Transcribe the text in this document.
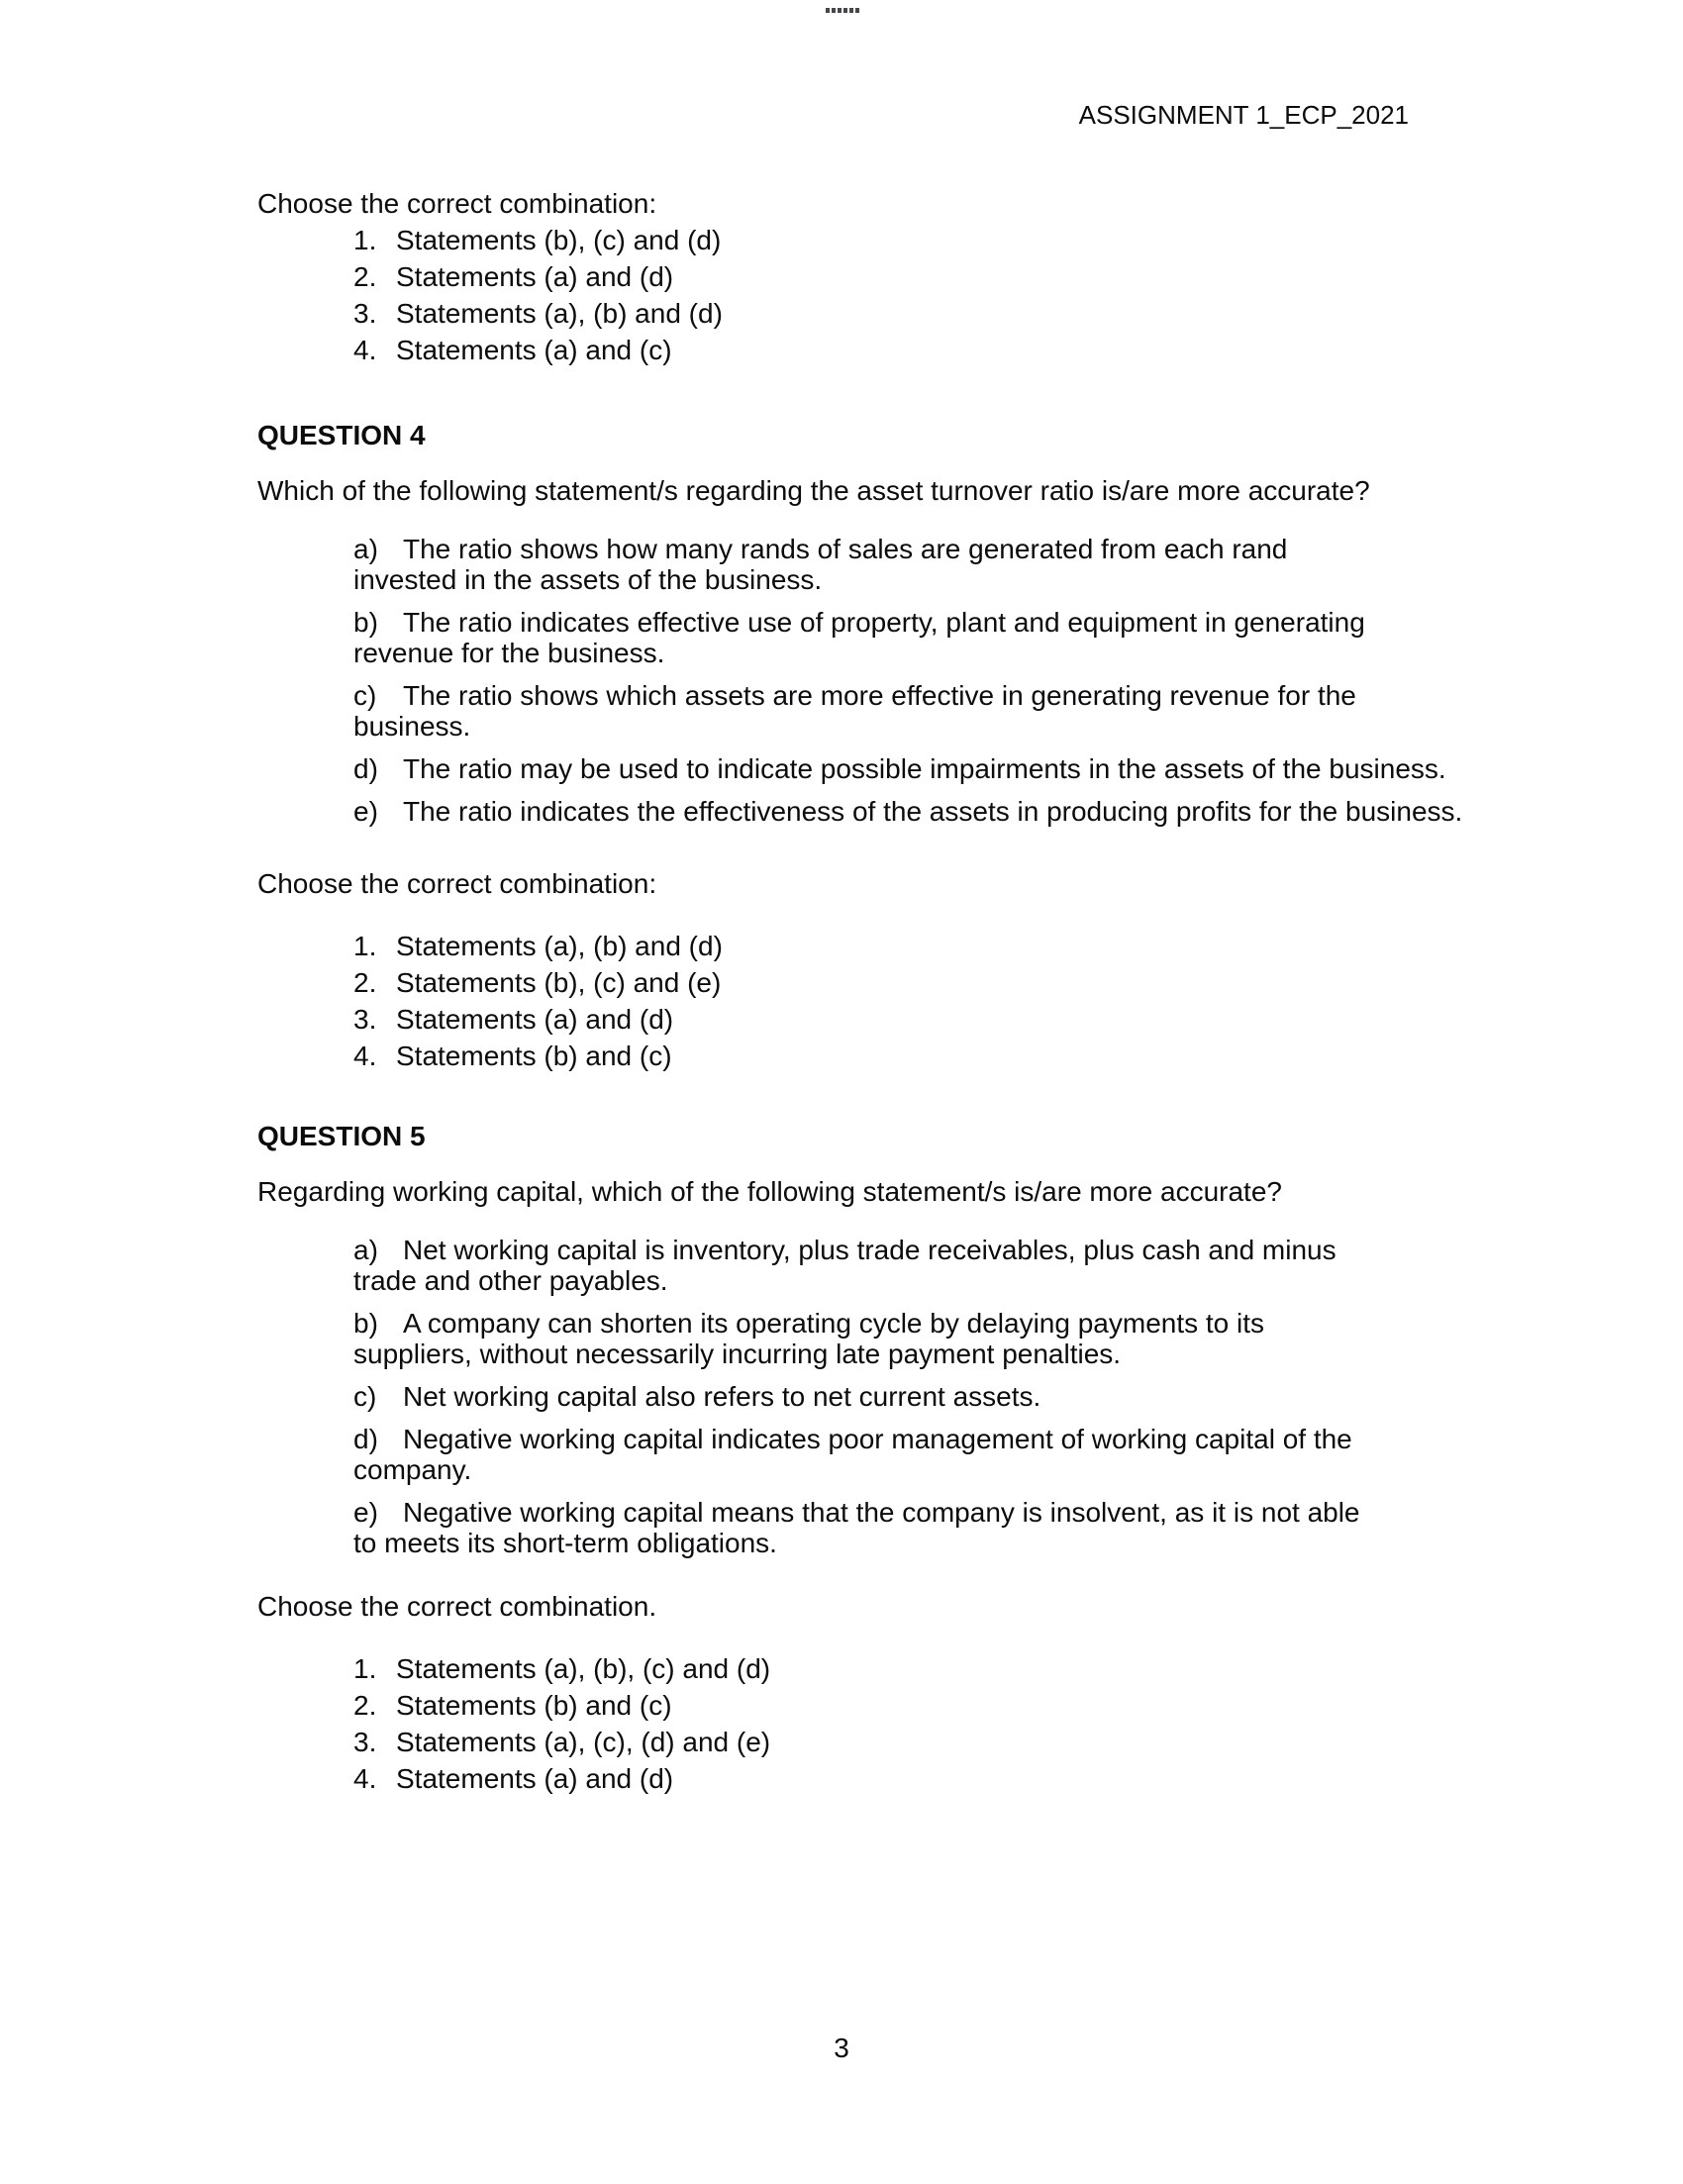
ASSIGNMENT 1_ECP_2021

Choose the correct combination:

1. Statements (b), (c) and (d)
2. Statements (a) and (d)
3. Statements (a), (b) and (d)
4. Statements (a) and (c)
QUESTION 4

Which of the following statement/s regarding the asset turnover ratio is/are more accurate?

a) The ratio shows how many rands of sales are generated from each rand
invested in the assets of the business.

b) The ratio indicates effective use of property, plant and equipment in generating
revenue for the business.

c) The ratio shows which assets are more effective in generating revenue for the
business.

d) The ratio may be used to indicate possible impairments in the assets of the business.

e) The ratio indicates the effectiveness of the assets in producing profits for the business.

Choose the correct combination:

1. Statements (a), (b) and (d)
2. Statements (b), (c) and (e)
3. Statements (a) and (d)
4. Statements (b) and (c)
QUESTION 5

Regarding working capital, which of the following statement/s is/are more accurate?

a) Net working capital is inventory, plus trade receivables, plus cash and minus
trade and other payables.

b) A company can shorten its operating cycle by delaying payments to its
suppliers, without necessarily incurring late payment penalties.

c) Net working capital also refers to net current assets.

d) Negative working capital indicates poor management of working capital of the
company.

e) Negative working capital means that the company is insolvent, as it is not able
to meets its short-term obligations.

Choose the correct combination.

1. Statements (a), (b), (c) and (d)
2. Statements (b) and (c)
3. Statements (a), (c), (d) and (e)
4. Statements (a) and (d)
3
